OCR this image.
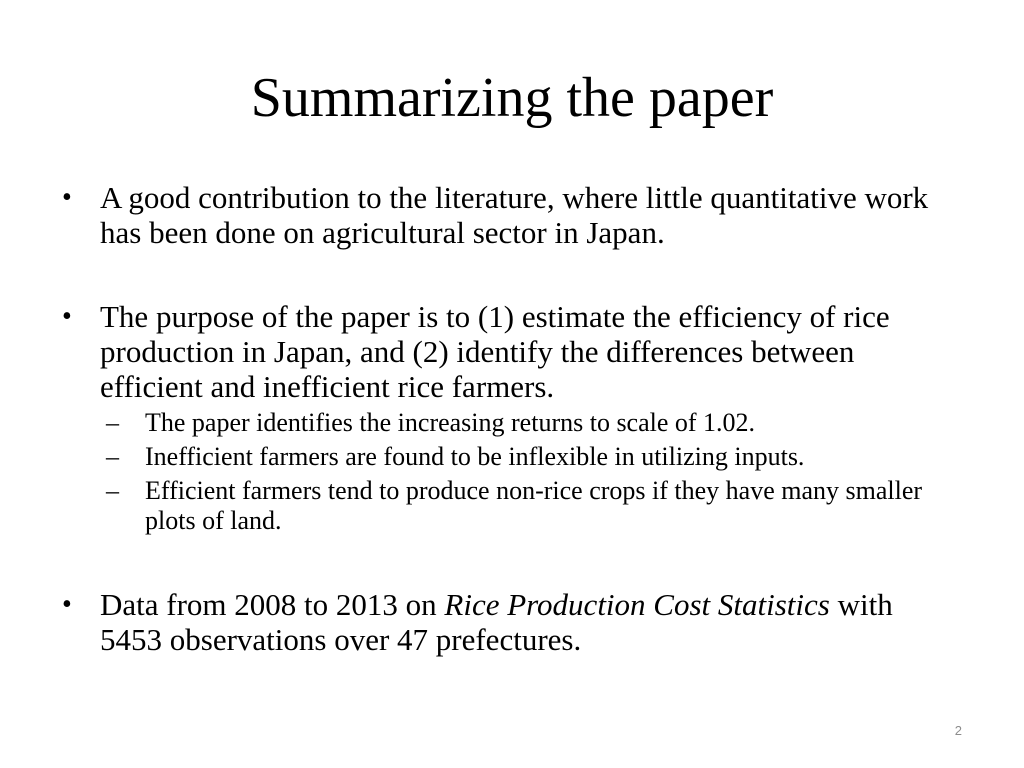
Summarizing the paper
• A good contribution to the literature, where little quantitative work has been done on agricultural sector in Japan.
• The purpose of the paper is to (1) estimate the efficiency of rice production in Japan, and (2) identify the differences between efficient and inefficient rice farmers.
– The paper identifies the increasing returns to scale of 1.02.
– Inefficient farmers are found to be inflexible in utilizing inputs.
– Efficient farmers tend to produce non-rice crops if they have many smaller plots of land.
• Data from 2008 to 2013 on Rice Production Cost Statistics with 5453 observations over 47 prefectures.
2
